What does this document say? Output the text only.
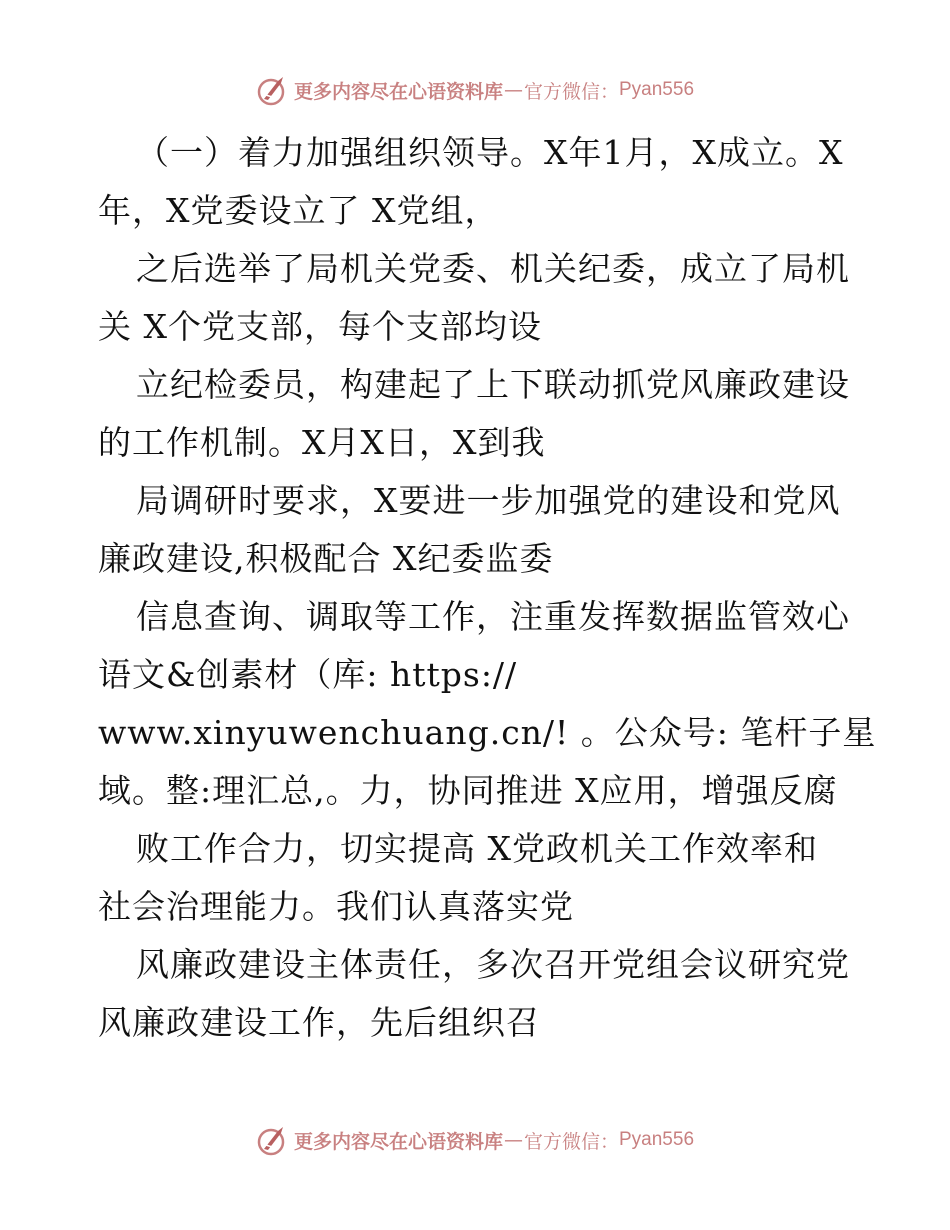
更多内容尽在心语资料库 — 官方微信： Pyan556
（一）着力加强组织领导。X年1月，X成立。X
年，X党委设立了 X党组，
之后选举了局机关党委、机关纪委，成立了局机
关 X个党支部，每个支部均设
立纪检委员，构建起了上下联动抓党风廉政建设
的工作机制。X月X日，X到我
局调研时要求，X要进一步加强党的建设和党风
廉政建设,积极配合 X纪委监委
信息查询、调取等工作，注重发挥数据监管效心
语文&创素材（库: https://
www.xinyuwenchuang.cn/! 。公众号: 笔杆子星
域。整:理汇总,。力，协同推进 X应用，增强反腐
败工作合力，切实提高 X党政机关工作效率和
社会治理能力。我们认真落实党
风廉政建设主体责任，多次召开党组会议研究党
风廉政建设工作，先后组织召
更多内容尽在心语资料库 — 官方微信： Pyan556
